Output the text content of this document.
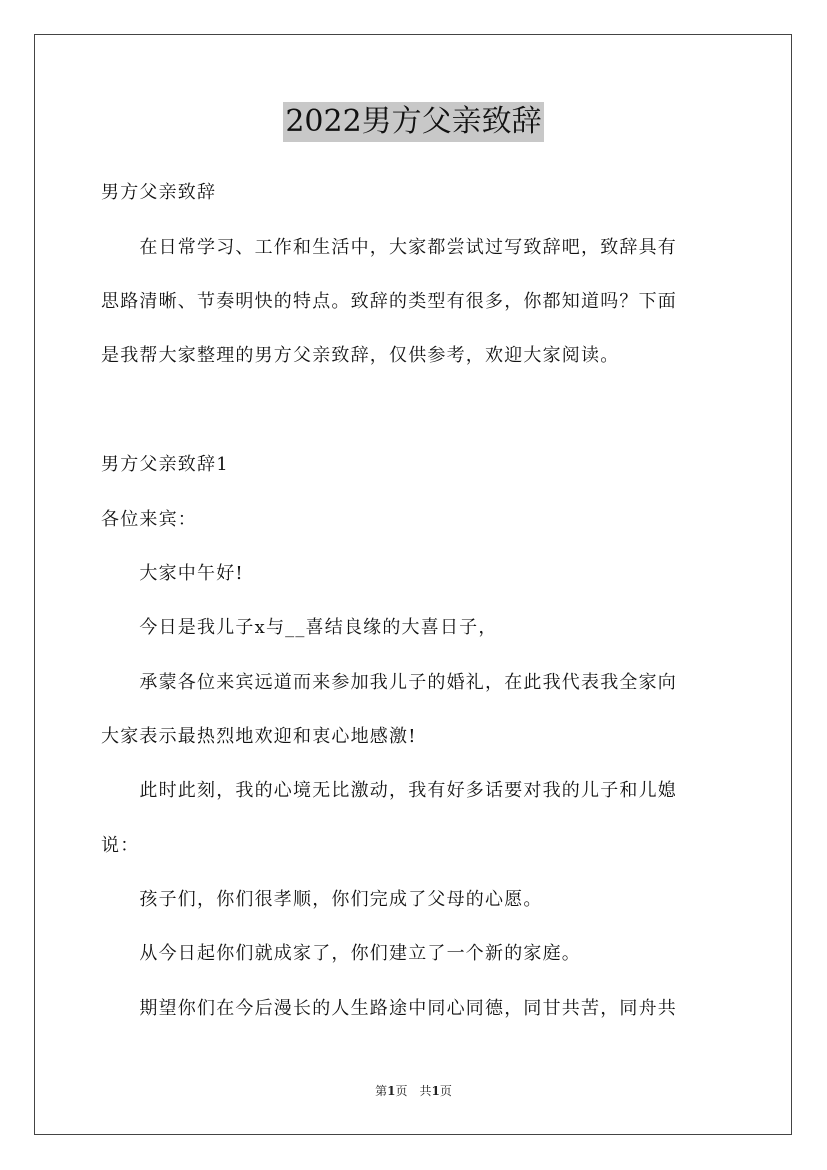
2022男方父亲致辞
男方父亲致辞
　　在日常学习、工作和生活中，大家都尝试过写致辞吧，致辞具有
思路清晰、节奏明快的特点。致辞的类型有很多，你都知道吗？下面
是我帮大家整理的男方父亲致辞，仅供参考，欢迎大家阅读。
男方父亲致辞1
各位来宾：
　　大家中午好!
　　今日是我儿子x与__喜结良缘的大喜日子，
　　承蒙各位来宾远道而来参加我儿子的婚礼，在此我代表我全家向
大家表示最热烈地欢迎和衷心地感激!
　　此时此刻，我的心境无比激动，我有好多话要对我的儿子和儿媳
说：
　　孩子们，你们很孝顺，你们完成了父母的心愿。
　　从今日起你们就成家了，你们建立了一个新的家庭。
　　期望你们在今后漫长的人生路途中同心同德，同甘共苦，同舟共
第1页　共1页
